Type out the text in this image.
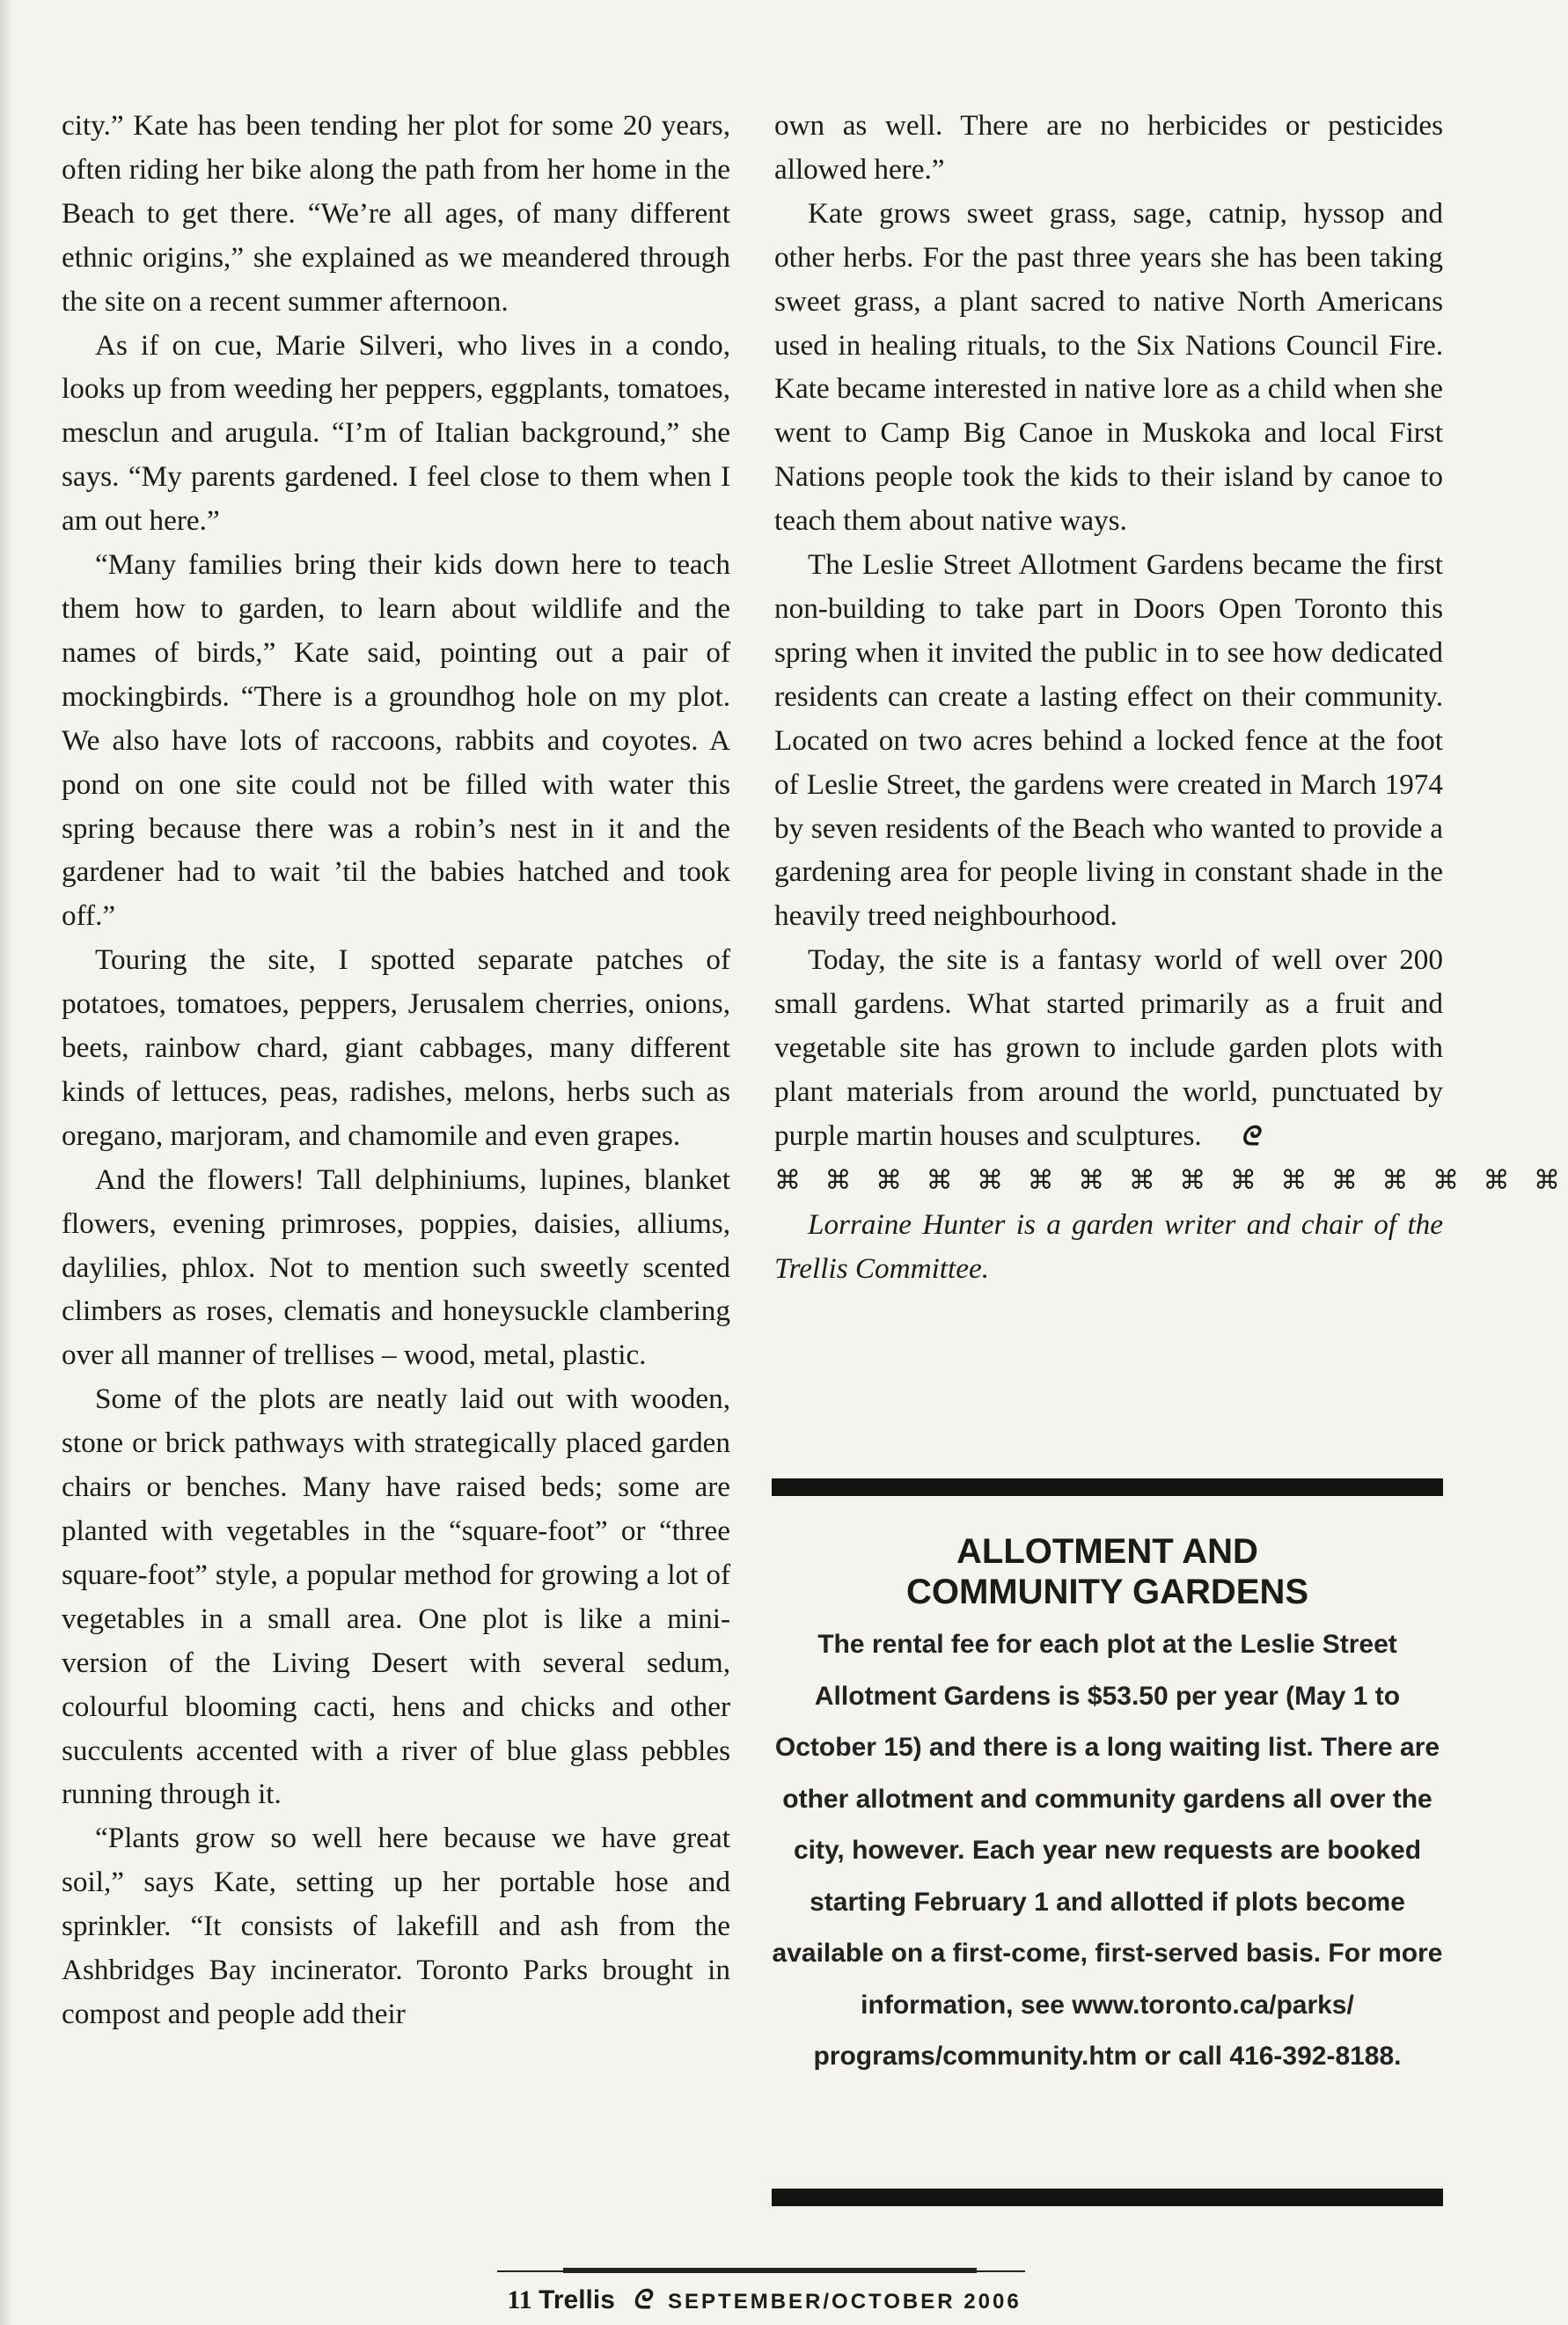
city.” Kate has been tending her plot for some 20 years, often riding her bike along the path from her home in the Beach to get there. “We’re all ages, of many different ethnic origins,” she explained as we meandered through the site on a recent summer afternoon.

As if on cue, Marie Silveri, who lives in a condo, looks up from weeding her peppers, eggplants, tomatoes, mesclun and arugula. “I’m of Italian background,” she says. “My parents gardened. I feel close to them when I am out here.”

“Many families bring their kids down here to teach them how to garden, to learn about wildlife and the names of birds,” Kate said, pointing out a pair of mockingbirds. “There is a groundhog hole on my plot. We also have lots of raccoons, rabbits and coyotes. A pond on one site could not be filled with water this spring because there was a robin’s nest in it and the gardener had to wait ’til the babies hatched and took off.”

Touring the site, I spotted separate patches of potatoes, tomatoes, peppers, Jerusalem cherries, onions, beets, rainbow chard, giant cabbages, many different kinds of lettuces, peas, radishes, melons, herbs such as oregano, marjoram, and chamomile and even grapes.

And the flowers! Tall delphiniums, lupines, blanket flowers, evening primroses, poppies, daisies, alliums, daylilies, phlox. Not to mention such sweetly scented climbers as roses, clematis and honeysuckle clambering over all manner of trellises – wood, metal, plastic.

Some of the plots are neatly laid out with wooden, stone or brick pathways with strategically placed garden chairs or benches. Many have raised beds; some are planted with vegetables in the “square-foot” or “three square-foot” style, a popular method for growing a lot of vegetables in a small area. One plot is like a mini-version of the Living Desert with several sedum, colourful blooming cacti, hens and chicks and other succulents accented with a river of blue glass pebbles running through it.

“Plants grow so well here because we have great soil,” says Kate, setting up her portable hose and sprinkler. “It consists of lakefill and ash from the Ashbridges Bay incinerator. Toronto Parks brought in compost and people add their

own as well. There are no herbicides or pesticides allowed here.”

Kate grows sweet grass, sage, catnip, hyssop and other herbs. For the past three years she has been taking sweet grass, a plant sacred to native North Americans used in healing rituals, to the Six Nations Council Fire. Kate became interested in native lore as a child when she went to Camp Big Canoe in Muskoka and local First Nations people took the kids to their island by canoe to teach them about native ways.

The Leslie Street Allotment Gardens became the first non-building to take part in Doors Open Toronto this spring when it invited the public in to see how dedicated residents can create a lasting effect on their community. Located on two acres behind a locked fence at the foot of Leslie Street, the gardens were created in March 1974 by seven residents of the Beach who wanted to provide a gardening area for people living in constant shade in the heavily treed neighbourhood.

Today, the site is a fantasy world of well over 200 small gardens. What started primarily as a fruit and vegetable site has grown to include garden plots with plant materials from around the world, punctuated by purple martin houses and sculptures. ᘓ

⌘ ⌘ ⌘ ⌘ ⌘ ⌘ ⌘ ⌘ ⌘ ⌘ ⌘ ⌘ ⌘ ⌘ ⌘ ⌘

Lorraine Hunter is a garden writer and chair of the Trellis Committee.

ALLOTMENT AND
COMMUNITY GARDENS
The rental fee for each plot at the Leslie Street Allotment Gardens is $53.50 per year (May 1 to October 15) and there is a long waiting list. There are other allotment and community gardens all over the city, however. Each year new requests are booked starting February 1 and allotted if plots become available on a first-come, first-served basis. For more information, see www.toronto.ca/parks/ programs/community.htm or call 416-392-8188.
11 Trellis ᘓ SEPTEMBER/OCTOBER 2006
